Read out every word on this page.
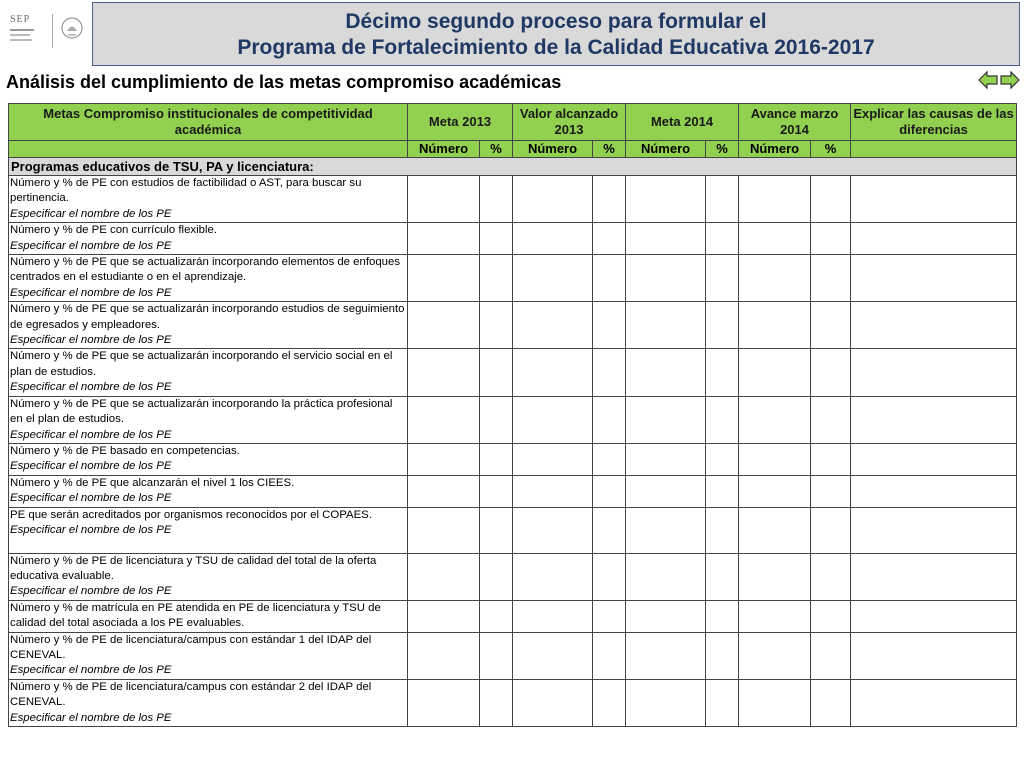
SEP	Décimo segundo proceso para formular el
Programa de Fortalecimiento de la Calidad Educativa 2016-2017
Análisis del cumplimiento de las metas compromiso académicas
Metas Compromiso institucionales de competitividad académica	Meta 2013		Valor alcanzado 2013		Meta 2014		Avance marzo 2014		Explicar las causas de las diferencias
	Número	%	Número	%	Número	%	Número	%	
Programas educativos de TSU, PA y licenciatura:									

Número y % de PE con estudios de factibilidad o AST, para buscar su pertinencia.
Especificar el nombre de los PE									

Número y % de PE con currículo flexible.
Especificar el nombre de los PE									

Número y % de PE que se actualizarán incorporando elementos de enfoques centrados en el estudiante o en el aprendizaje.
Especificar el nombre de los PE									

Número y % de PE que se actualizarán incorporando estudios de seguimiento de egresados y empleadores.
Especificar el nombre de los PE									

Número y % de PE que se actualizarán incorporando el servicio social en el plan de estudios.
Especificar el nombre de los PE									

Número y % de PE que se actualizarán incorporando la práctica profesional en el plan de estudios.
Especificar el nombre de los PE									

Número y % de PE basado en competencias.
Especificar el nombre de los PE									

Número y % de PE que alcanzarán el nivel 1 los CIEES.
Especificar el nombre de los PE									

PE que serán acreditados por organismos reconocidos por el COPAES.
Especificar el nombre de los PE									

Número y % de PE de licenciatura y TSU de calidad del total de la oferta educativa evaluable.
Especificar el nombre de los PE									

Número y % de matrícula en PE atendida en PE de licenciatura y TSU de calidad del total asociada a los PE evaluables.									

Número y % de PE de licenciatura/campus con estándar 1 del IDAP del CENEVAL.
Especificar el nombre de los PE									

Número y % de PE de licenciatura/campus con estándar 2 del IDAP del CENEVAL.
Especificar el nombre de los PE									
